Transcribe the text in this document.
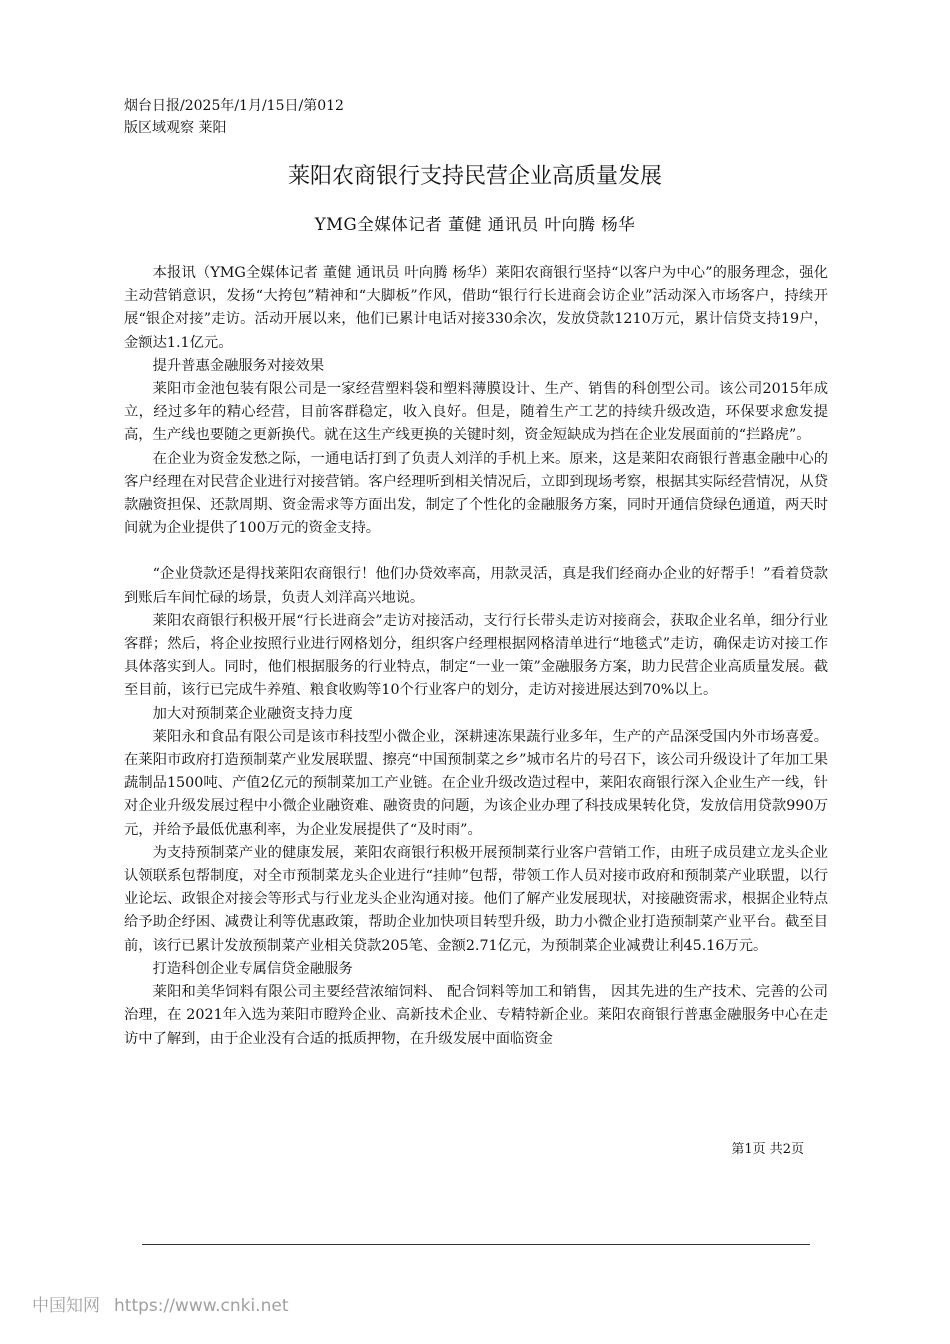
烟台日报/2025年/1月/15日/第012
版区域观察 莱阳
莱阳农商银行支持民营企业高质量发展
YMG全媒体记者 董健 通讯员 叶向腾 杨华

本报讯（YMG全媒体记者 董健 通讯员 叶向腾 杨华）莱阳农商银行坚持“以客户为中心”的服务理念，强化主动营销意识，发扬“大挎包”精神和“大脚板”作风，借助“银行行长进商会访企业”活动深入市场客户，持续开展“银企对接”走访。活动开展以来，他们已累计电话对接330余次，发放贷款1210万元，累计信贷支持19户，金额达1.1亿元。

提升普惠金融服务对接效果

莱阳市金池包装有限公司是一家经营塑料袋和塑料薄膜设计、生产、销售的科创型公司。该公司2015年成立，经过多年的精心经营，目前客群稳定，收入良好。但是，随着生产工艺的持续升级改造，环保要求愈发提高，生产线也要随之更新换代。就在这生产线更换的关键时刻，资金短缺成为挡在企业发展面前的“拦路虎”。

在企业为资金发愁之际，一通电话打到了负责人刘洋的手机上来。原来，这是莱阳农商银行普惠金融中心的客户经理在对民营企业进行对接营销。客户经理听到相关情况后，立即到现场考察，根据其实际经营情况，从贷款融资担保、还款周期、资金需求等方面出发，制定了个性化的金融服务方案，同时开通信贷绿色通道，两天时间就为企业提供了100万元的资金支持。

“企业贷款还是得找莱阳农商银行！他们办贷效率高，用款灵活，真是我们经商办企业的好帮手！”看着贷款到账后车间忙碌的场景，负责人刘洋高兴地说。

莱阳农商银行积极开展“行长进商会”走访对接活动，支行行长带头走访对接商会，获取企业名单，细分行业客群；然后，将企业按照行业进行网格划分，组织客户经理根据网格清单进行“地毯式”走访，确保走访对接工作具体落实到人。同时，他们根据服务的行业特点，制定“一业一策”金融服务方案，助力民营企业高质量发展。截至目前，该行已完成牛养殖、粮食收购等10个行业客户的划分，走访对接进展达到70%以上。

加大对预制菜企业融资支持力度

莱阳永和食品有限公司是该市科技型小微企业，深耕速冻果蔬行业多年，生产的产品深受国内外市场喜爱。在莱阳市政府打造预制菜产业发展联盟、擦亮“中国预制菜之乡”城市名片的号召下，该公司升级设计了年加工果蔬制品1500吨、产值2亿元的预制菜加工产业链。在企业升级改造过程中，莱阳农商银行深入企业生产一线，针对企业升级发展过程中小微企业融资难、融资贵的问题，为该企业办理了科技成果转化贷，发放信用贷款990万元，并给予最低优惠利率，为企业发展提供了“及时雨”。

为支持预制菜产业的健康发展，莱阳农商银行积极开展预制菜行业客户营销工作，由班子成员建立龙头企业认领联系包帮制度，对全市预制菜龙头企业进行“挂帅”包帮，带领工作人员对接市政府和预制菜产业联盟，以行业论坛、政银企对接会等形式与行业龙头企业沟通对接。他们了解产业发展现状，对接融资需求，根据企业特点给予助企纾困、减费让利等优惠政策，帮助企业加快项目转型升级，助力小微企业打造预制菜产业平台。截至目前，该行已累计发放预制菜产业相关贷款205笔、金额2.71亿元，为预制菜企业减费让利45.16万元。

打造科创企业专属信贷金融服务

莱阳和美华饲料有限公司主要经营浓缩饲料、 配合饲料等加工和销售， 因其先进的生产技术、完善的公司治理，在 2021年入选为莱阳市瞪羚企业、高新技术企业、专精特新企业。莱阳农商银行普惠金融服务中心在走访中了解到，由于企业没有合适的抵质押物，在升级发展中面临资金

第1页 共2页
中国知网 https://www.cnki.net
